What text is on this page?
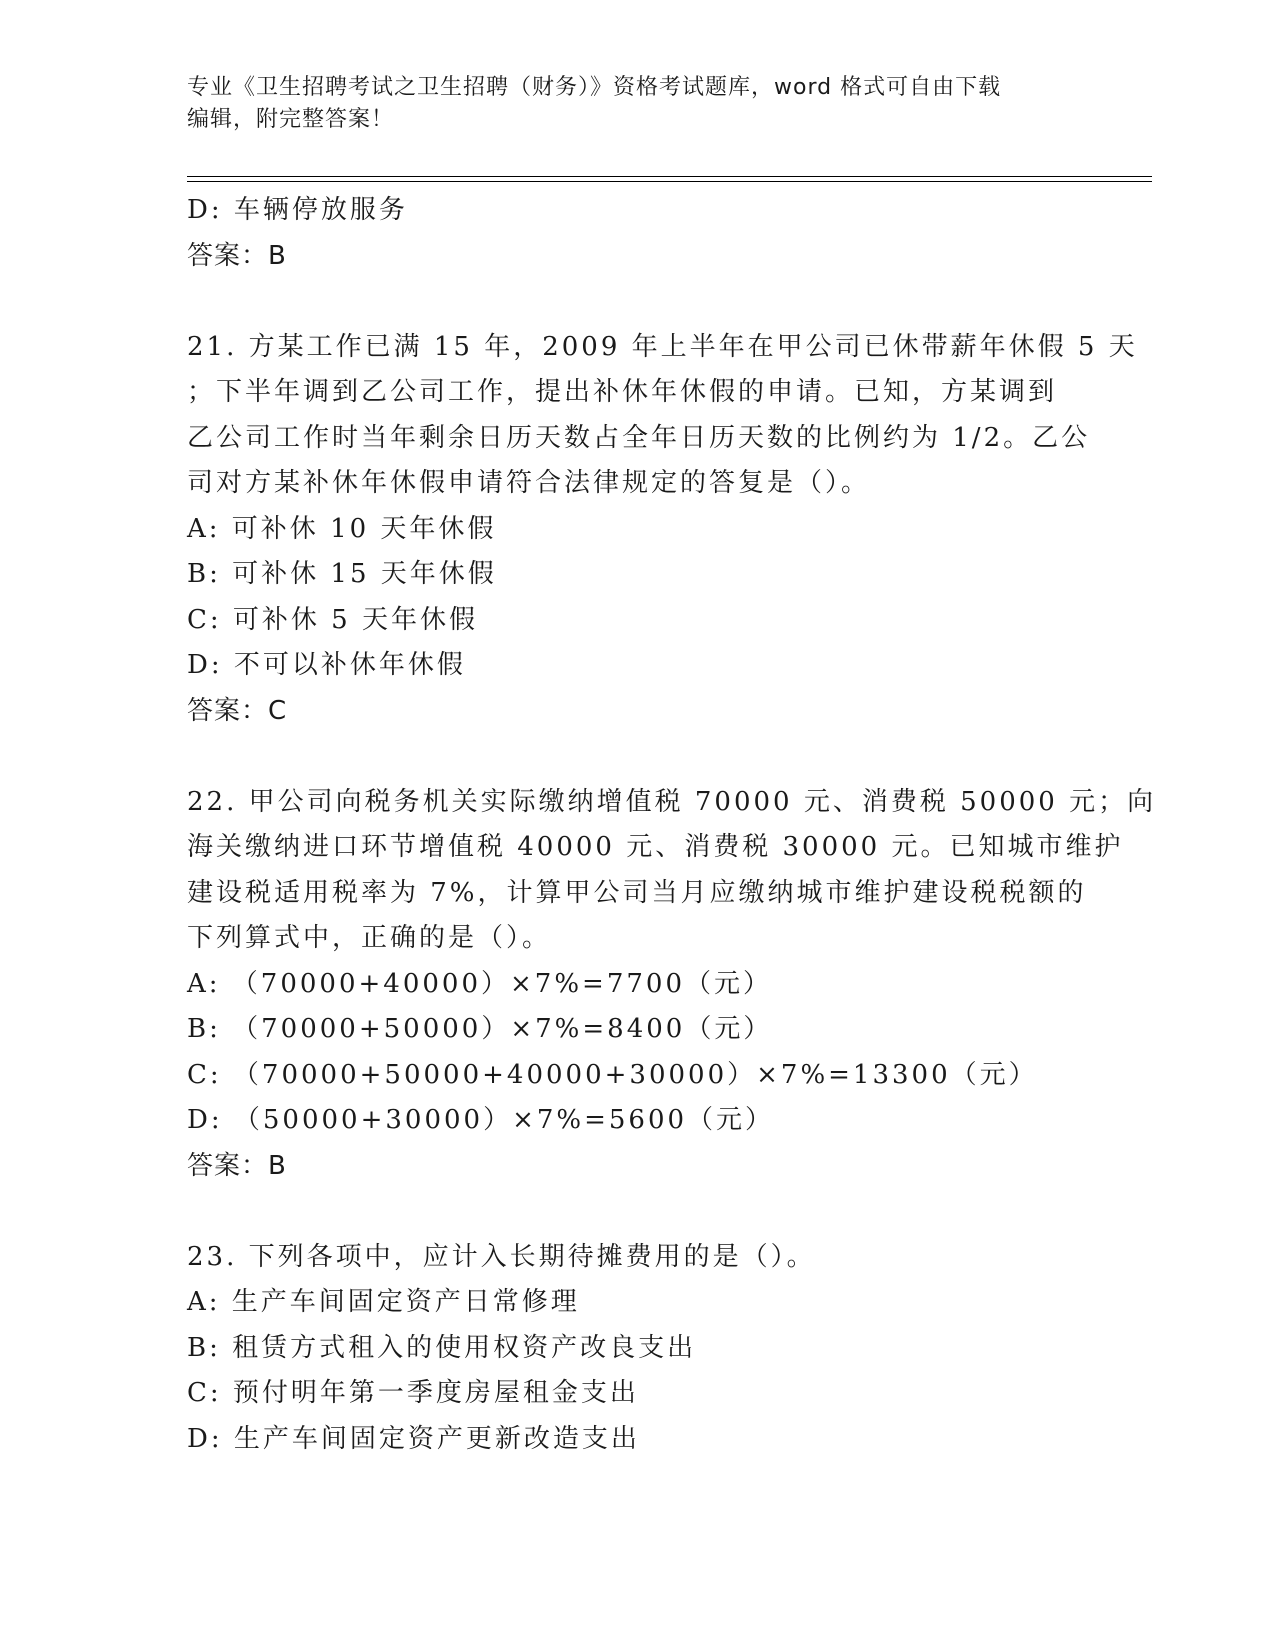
专业《卫生招聘考试之卫生招聘（财务）》资格考试题库，word 格式可自由下载
编辑，附完整答案！
D: 车辆停放服务
答案：B
21. 方某工作已满 15 年，2009 年上半年在甲公司已休带薪年休假 5 天
；下半年调到乙公司工作，提出补休年休假的申请。已知，方某调到
乙公司工作时当年剩余日历天数占全年日历天数的比例约为 1/2。乙公
司对方某补休年休假申请符合法律规定的答复是（）。
A: 可补休 10 天年休假
B: 可补休 15 天年休假
C: 可补休 5 天年休假
D: 不可以补休年休假
答案：C
22. 甲公司向税务机关实际缴纳增值税 70000 元、消费税 50000 元；向
海关缴纳进口环节增值税 40000 元、消费税 30000 元。已知城市维护
建设税适用税率为 7%，计算甲公司当月应缴纳城市维护建设税税额的
下列算式中，正确的是（）。
A: （70000+40000）×7%=7700（元）
B: （70000+50000）×7%=8400（元）
C: （70000+50000+40000+30000）×7%=13300（元）
D: （50000+30000）×7%=5600（元）
答案：B
23. 下列各项中，应计入长期待摊费用的是（）。
A: 生产车间固定资产日常修理
B: 租赁方式租入的使用权资产改良支出
C: 预付明年第一季度房屋租金支出
D: 生产车间固定资产更新改造支出
